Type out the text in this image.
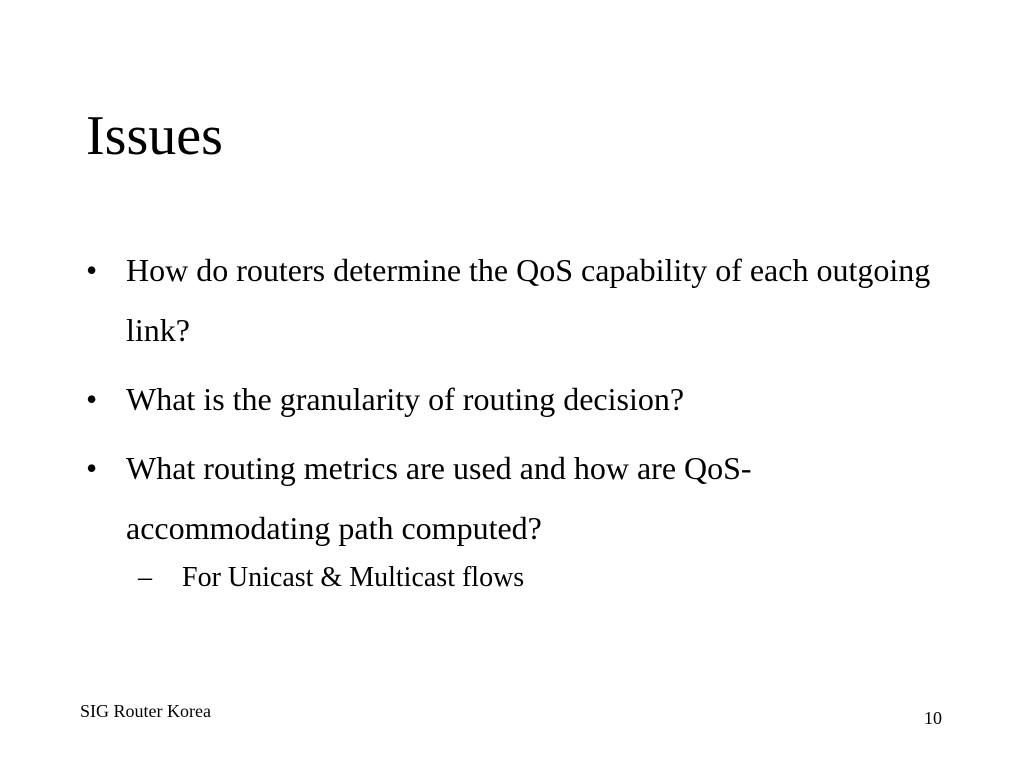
Issues
• How do routers determine the QoS capability of each outgoing link?
• What is the granularity of routing decision?
• What routing metrics are used and how are QoS-accommodating path computed?
–	For Unicast & Multicast flows
SIG Router Korea	10
